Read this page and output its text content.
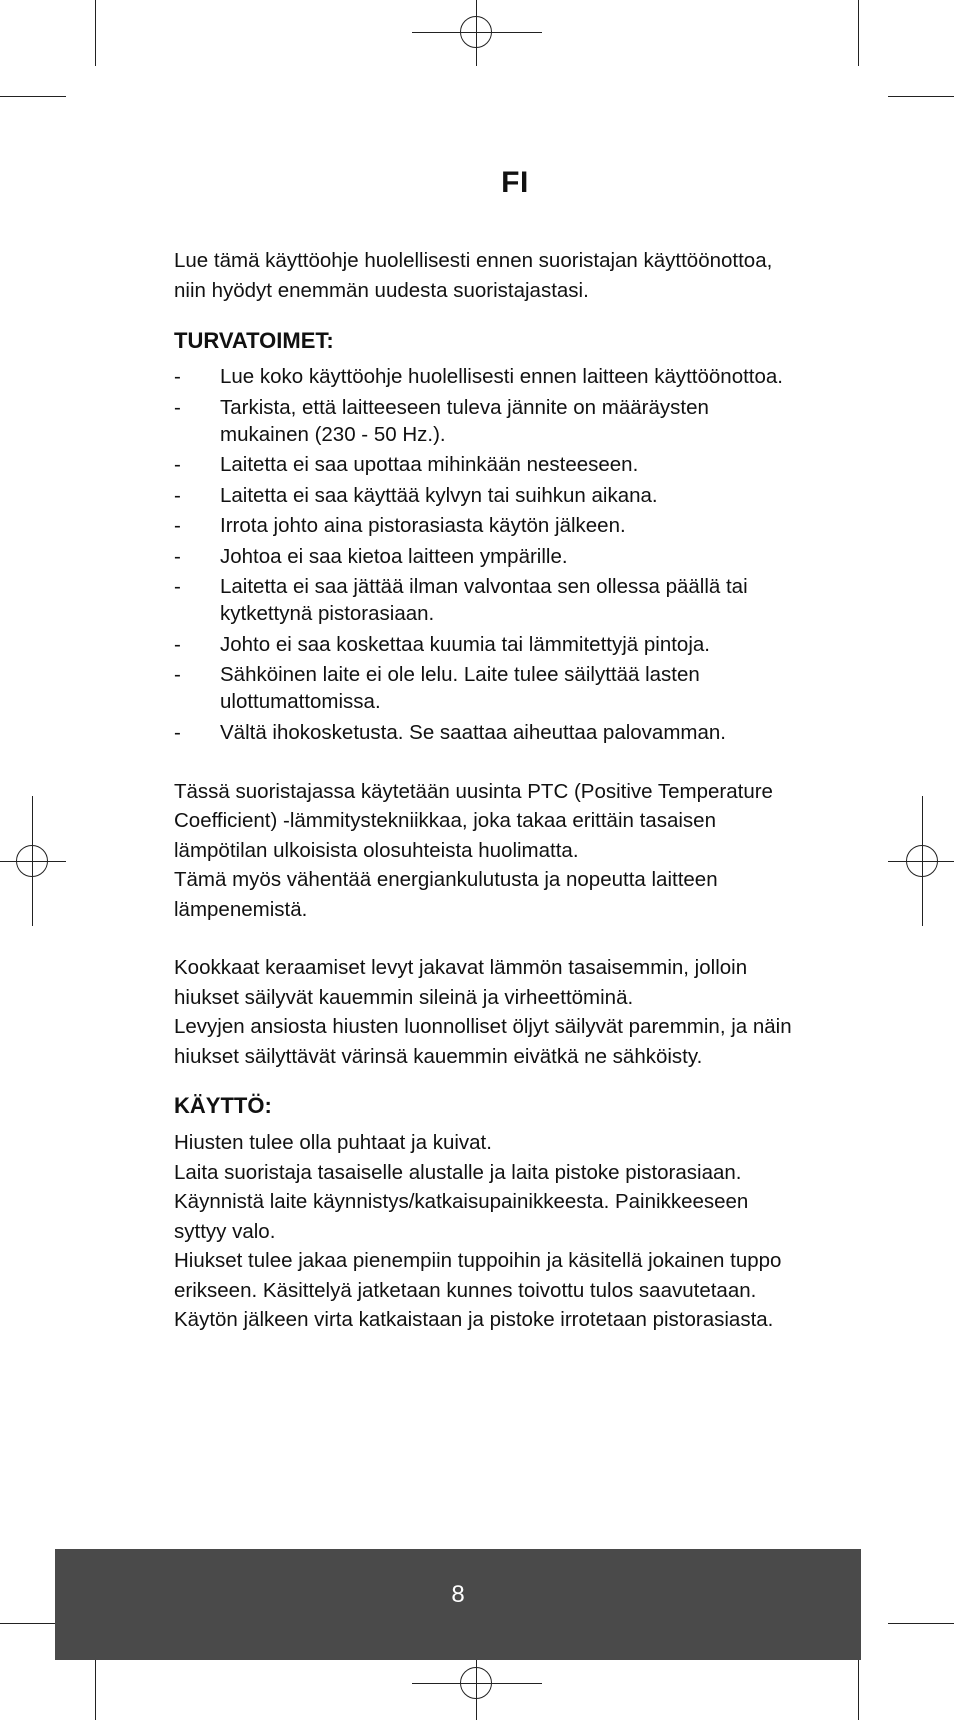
FI

Lue tämä käyttöohje huolellisesti ennen suoristajan käyttöönottoa, niin hyödyt enemmän uudesta suoristajastasi.

TURVATOIMET:
- Lue koko käyttöohje huolellisesti ennen laitteen käyttöönottoa.
- Tarkista, että laitteeseen tuleva jännite on määräysten mukainen (230 - 50 Hz.).
- Laitetta ei saa upottaa mihinkään nesteeseen.
- Laitetta ei saa käyttää kylvyn tai suihkun aikana.
- Irrota johto aina pistorasiasta käytön jälkeen.
- Johtoa ei saa kietoa laitteen ympärille.
- Laitetta ei saa jättää ilman valvontaa sen ollessa päällä tai kytkettynä pistorasiaan.
- Johto ei saa koskettaa kuumia tai lämmitettyjä pintoja.
- Sähköinen laite ei ole lelu. Laite tulee säilyttää lasten ulottumattomissa.
- Vältä ihokosketusta. Se saattaa aiheuttaa palovamman.

Tässä suoristajassa käytetään uusinta PTC (Positive Temperature Coefficient) -lämmitystekniikkaa, joka takaa erittäin tasaisen lämpötilan ulkoisista olosuhteista huolimatta.

Tämä myös vähentää energiankulutusta ja nopeutta laitteen lämpenemistä.

Kookkaat keraamiset levyt jakavat lämmön tasaisemmin, jolloin hiukset säilyvät kauemmin sileinä ja virheettöminä.

Levyjen ansiosta hiusten luonnolliset öljyt säilyvät paremmin, ja näin hiukset säilyttävät värinsä kauemmin eivätkä ne sähköisty.

KÄYTTÖ:

Hiusten tulee olla puhtaat ja kuivat.

Laita suoristaja tasaiselle alustalle ja laita pistoke pistorasiaan.

Käynnistä laite käynnistys/katkaisupainikkeesta. Painikkeeseen syttyy valo.

Hiukset tulee jakaa pienempiin tuppoihin ja käsitellä jokainen tuppo erikseen. Käsittelyä jatketaan kunnes toivottu tulos saavutetaan.

Käytön jälkeen virta katkaistaan ja pistoke irrotetaan pistorasiasta.

8
